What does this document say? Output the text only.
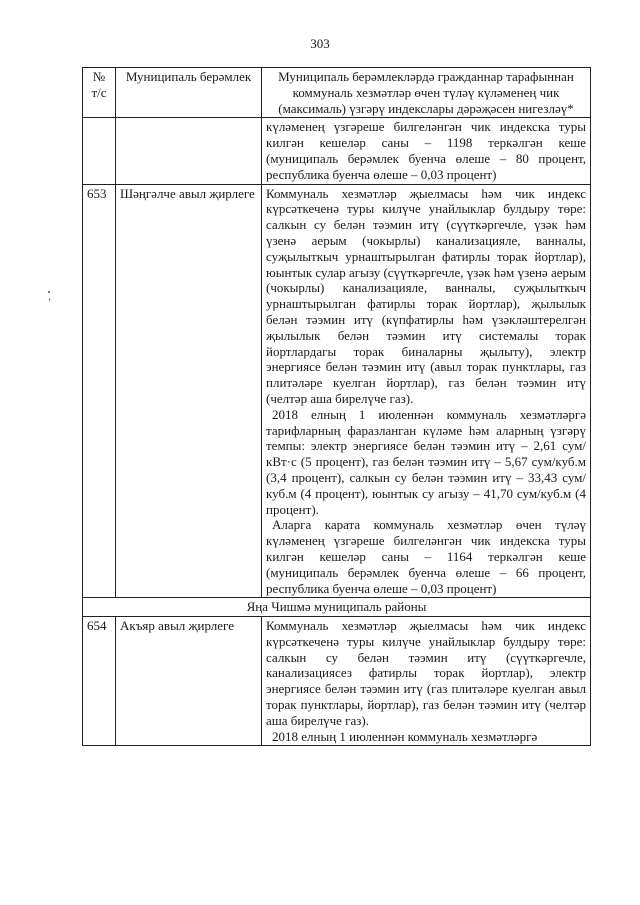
303
№ т/с	Муниципаль берәмлек	Муниципаль берәмлекләрдә гражданнар тарафыннан коммуналь хезмәтләр өчен түләү күләменең чик (максималь) үзгәрү индекслары дәрәҗәсен нигезләү*

		күләменең үзгәреше билгеләнгән чик индекска туры килгән кешеләр саны – 1198 теркәлгән кеше (муниципаль берәмлек буенча өлеше – 80 процент, республика буенча өлеше – 0,03 процент)

653	Шәңгәлче авыл җирлеге	Коммуналь хезмәтләр җыелмасы һәм чик индекс күрсәткеченә туры килүче унайлыклар булдыру төре: салкын су белән тәэмин итү (сүүткәргечле, үзәк һәм үзенә аерым (чокырлы) канализацияле, ванналы, суҗылыткыч урнаштырылган фатирлы торак йортлар), юынтык сулар агызу (сүүткәргечле, үзәк һәм үзенә аерым (чокырлы) канализацияле, ванналы, суҗылыткыч урнаштырылган фатирлы торак йортлар), җылылык белән тәэмин итү (күпфатирлы һәм үзәкләштерелгән җылылык белән тәэмин итү системалы торак йортлардагы торак биналарны җылыту), электр энергиясе белән тәэмин итү (авыл торак пунктлары, газ плитәләре куелган йортлар), газ белән тәэмин итү (челтәр аша бирелүче газ).

2018 елның 1 июленнән коммуналь хезмәтләргә тарифларның фаразланган күләме һәм аларның үзгәрү темпы: электр энергиясе белән тәэмин итү – 2,61 сум/кВт·с (5 процент), газ белән тәэмин итү – 5,67 сум/куб.м (3,4 процент), салкын су белән тәэмин итү – 33,43 сум/куб.м (4 процент), юынтык су агызу – 41,70 сум/куб.м (4 процент).

Аларга карата коммуналь хезмәтләр өчен түләү күләменең үзгәреше билгеләнгән чик индекска туры килгән кешеләр саны – 1164 теркәлгән кеше (муниципаль берәмлек буенча өлеше – 66 процент, республика буенча өлеше – 0,03 процент)

Яңа Чишмә муниципаль районы		
654	Акъяр авыл җирлеге	Коммуналь хезмәтләр җыелмасы һәм чик индекс күрсәткеченә туры килүче унайлыклар булдыру төре: салкын су белән тәэмин итү (сүүткәргечле, канализациясез фатирлы торак йортлар), электр энергиясе белән тәэмин итү (газ плитәләре куелган авыл торак пунктлары, йортлар), газ белән тәэмин итү (челтәр аша бирелүче газ).

2018 елның 1 июленнән коммуналь хезмәтләргә
